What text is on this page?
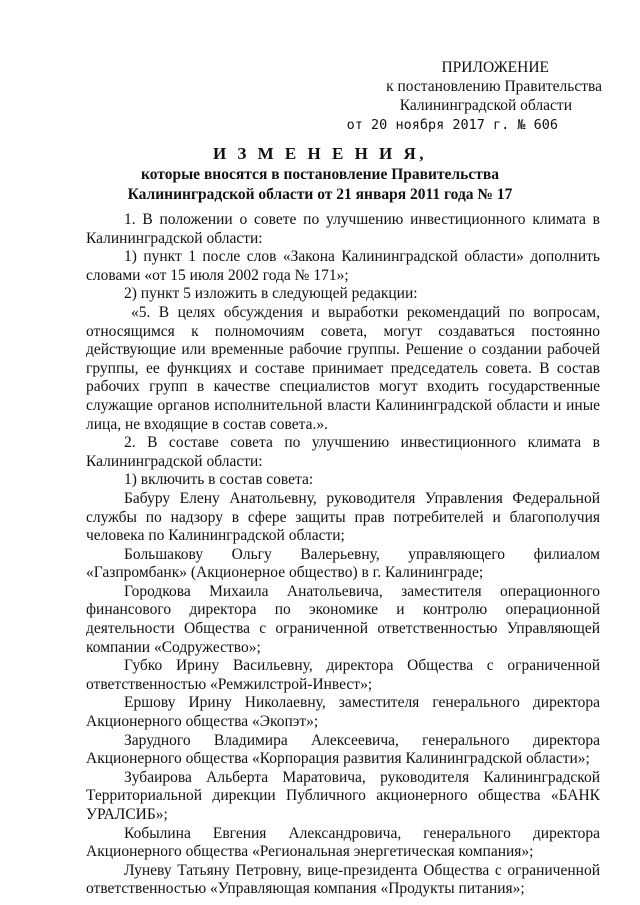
ПРИЛОЖЕНИЕ
к постановлению Правительства
Калининградской области
от 20 ноября 2017 г. № 606
И З М Е Н Е Н И Я,
которые вносятся в постановление Правительства
Калининградской области от 21 января 2011 года № 17

1. В положении о совете по улучшению инвестиционного климата в Калининградской области:

1) пункт 1 после слов «Закона Калининградской области» дополнить словами «от 15 июля 2002 года № 171»;

2) пункт 5 изложить в следующей редакции:

«5. В целях обсуждения и выработки рекомендаций по вопросам, относящимся к полномочиям совета, могут создаваться постоянно действующие или временные рабочие группы. Решение о создании рабочей группы, ее функциях и составе принимает председатель совета. В состав рабочих групп в качестве специалистов могут входить государственные служащие органов исполнительной власти Калининградской области и иные лица, не входящие в состав совета.».

2. В составе совета по улучшению инвестиционного климата в Калининградской области:

1) включить в состав совета:

Бабуру Елену Анатольевну, руководителя Управления Федеральной службы по надзору в сфере защиты прав потребителей и благополучия человека по Калининградской области;

Большакову Ольгу Валерьевну, управляющего филиалом «Газпромбанк» (Акционерное общество) в г. Калининграде;

Городкова Михаила Анатольевича, заместителя операционного финансового директора по экономике и контролю операционной деятельности Общества с ограниченной ответственностью Управляющей компании «Содружество»;

Губко Ирину Васильевну, директора Общества с ограниченной ответственностью «Ремжилстрой-Инвест»;

Ершову Ирину Николаевну, заместителя генерального директора Акционерного общества «Экопэт»;

Зарудного Владимира Алексеевича, генерального директора Акционерного общества «Корпорация развития Калининградской области»;

Зубаирова Альберта Маратовича, руководителя Калининградской Территориальной дирекции Публичного акционерного общества «БАНК УРАЛСИБ»;

Кобылина Евгения Александровича, генерального директора Акционерного общества «Региональная энергетическая компания»;

Луневу Татьяну Петровну, вице-президента Общества с ограниченной ответственностью «Управляющая компания «Продукты питания»;
